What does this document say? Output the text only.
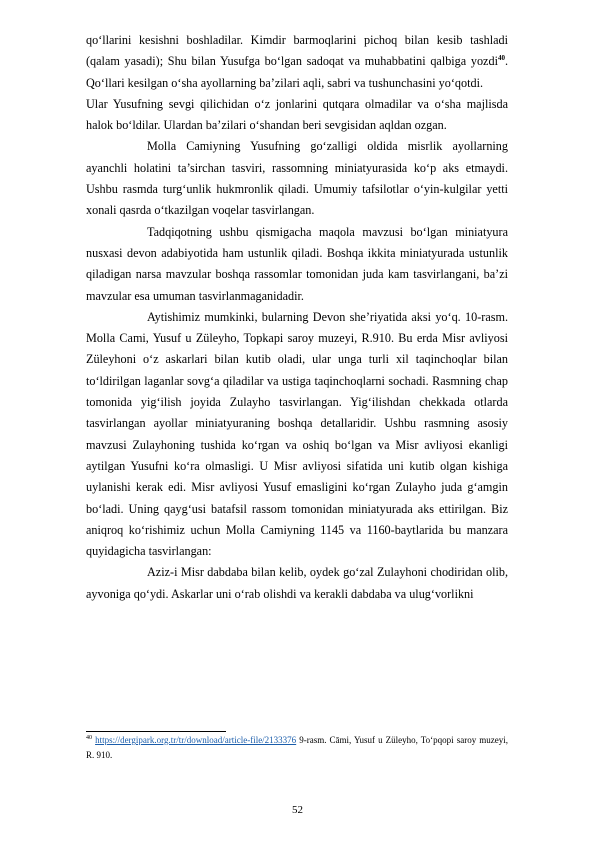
qo‘llarini kesishni boshladilar. Kimdir barmoqlarini pichoq bilan kesib tashladi (qalam yasadi); Shu bilan Yusufga bo‘lgan sadoqat va muhabbatini qalbiga yozdi$^{40}$. Qo‘llari kesilgan o‘sha ayollarning ba’zilari aqli, sabri va tushunchasini yo‘qotdi.

Ular Yusufning sevgi qilichidan o‘z jonlarini qutqara olmadilar va o‘sha majlisda halok bo‘ldilar. Ulardan ba’zilari o‘shandan beri sevgisidan aqldan ozgan.

Molla Camiyning Yusufning go‘zalligi oldida misrlik ayollarning ayanchli holatini ta’sirchan tasviri, rassomning miniatyurasida ko‘p aks etmaydi. Ushbu rasmda turg‘unlik hukmronlik qiladi. Umumiy tafsilotlar o‘yin-kulgilar yetti xonali qasrda o‘tkazilgan voqelar tasvirlangan.

Tadqiqotning ushbu qismigacha maqola mavzusi bo‘lgan miniatyura nusxasi devon adabiyotida ham ustunlik qiladi. Boshqa ikkita miniatyurada ustunlik qiladigan narsa mavzular boshqa rassomlar tomonidan juda kam tasvirlangani, ba’zi mavzular esa umuman tasvirlanmaganidadir.

Aytishimiz mumkinki, bularning Devon she’riyatida aksi yo‘q. 10-rasm. Molla Cami, Yusuf u Züleyho, Topkapi saroy muzeyi, R.910. Bu erda Misr avliyosi Züleyhoni o‘z askarlari bilan kutib oladi, ular unga turli xil taqinchoqlar bilan to‘ldirilgan laganlar sovg‘a qiladilar va ustiga taqinchoqlarni sochadi. Rasmning chap tomonida yig‘ilish joyida Zulayho tasvirlangan. Yig‘ilishdan chekkada otlarda tasvirlangan ayollar miniatyuraning boshqa detallaridir. Ushbu rasmning asosiy mavzusi Zulayhoning tushida ko‘rgan va oshiq bo‘lgan va Misr avliyosi ekanligi aytilgan Yusufni ko‘ra olmasligi. U Misr avliyosi sifatida uni kutib olgan kishiga uylanishi kerak edi. Misr avliyosi Yusuf emasligini ko‘rgan Zulayho juda g‘amgin bo‘ladi. Uning qayg‘usi batafsil rassom tomonidan miniatyurada aks ettirilgan. Biz aniqroq ko‘rishimiz uchun Molla Camiyning 1145 va 1160-baytlarida bu manzara quyidagicha tasvirlangan:

Aziz-i Misr dabdaba bilan kelib, oydek go‘zal Zulayhoni chodiridan olib, ayvoniga qo‘ydi. Askarlar uni o‘rab olishdi va kerakli dabdaba va ulug‘vorlikni

$^{40}$ https://dergipark.org.tr/tr/download/article-file/2133376 9-rasm. Cāmi, Yusuf u Züleyho, To‘pqopi saroy muzeyi, R. 910.
52
